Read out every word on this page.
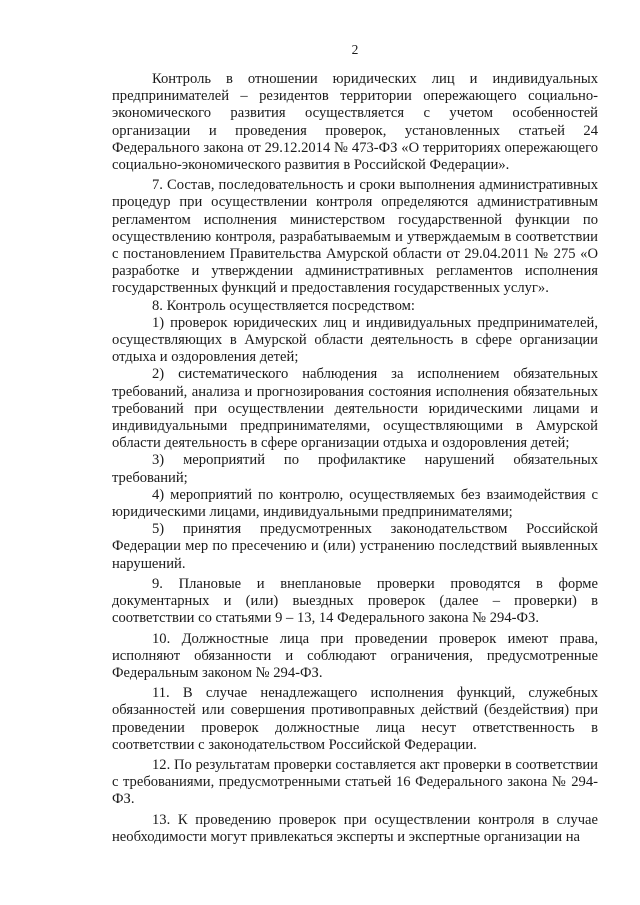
2

Контроль в отношении юридических лиц и индивидуальных предпринимателей – резидентов территории опережающего социально-экономического развития осуществляется с учетом особенностей организации и проведения проверок, установленных статьей 24 Федерального закона от 29.12.2014 № 473-ФЗ «О территориях опережающего социально-экономического развития в Российской Федерации».

7. Состав, последовательность и сроки выполнения административных процедур при осуществлении контроля определяются административным регламентом исполнения министерством государственной функции по осуществлению контроля, разрабатываемым и утверждаемым в соответствии с постановлением Правительства Амурской области от 29.04.2011 № 275 «О разработке и утверждении административных регламентов исполнения государственных функций и предоставления государственных услуг».

8. Контроль осуществляется посредством:

1) проверок юридических лиц и индивидуальных предпринимателей, осуществляющих в Амурской области деятельность в сфере организации отдыха и оздоровления детей;

2) систематического наблюдения за исполнением обязательных требований, анализа и прогнозирования состояния исполнения обязательных требований при осуществлении деятельности юридическими лицами и индивидуальными предпринимателями, осуществляющими в Амурской области деятельность в сфере организации отдыха и оздоровления детей;

3) мероприятий по профилактике нарушений обязательных требований;

4) мероприятий по контролю, осуществляемых без взаимодействия с юридическими лицами, индивидуальными предпринимателями;

5) принятия предусмотренных законодательством Российской Федерации мер по пресечению и (или) устранению последствий выявленных нарушений.

9. Плановые и внеплановые проверки проводятся в форме документарных и (или) выездных проверок (далее – проверки) в соответствии со статьями 9 – 13, 14 Федерального закона № 294-ФЗ.

10. Должностные лица при проведении проверок имеют права, исполняют обязанности и соблюдают ограничения, предусмотренные Федеральным законом № 294-ФЗ.

11. В случае ненадлежащего исполнения функций, служебных обязанностей или совершения противоправных действий (бездействия) при проведении проверок должностные лица несут ответственность в соответствии с законодательством Российской Федерации.

12. По результатам проверки составляется акт проверки в соответствии с требованиями, предусмотренными статьей 16 Федерального закона № 294-ФЗ.

13. К проведению проверок при осуществлении контроля в случае необходимости могут привлекаться эксперты и экспертные организации на
